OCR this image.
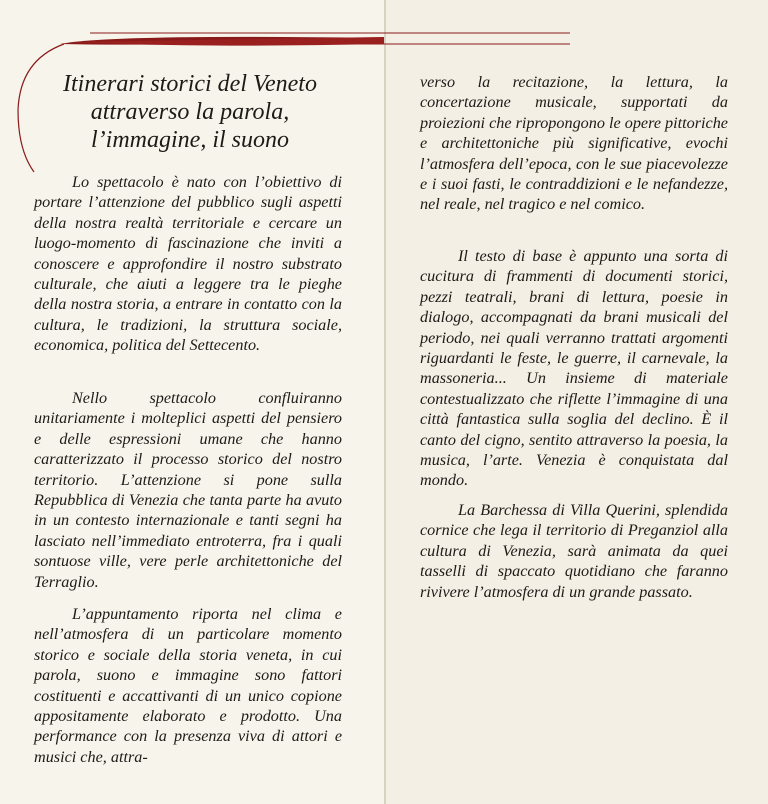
Itinerari storici del Veneto
attraverso la parola,
l’immagine, il suono

Lo spettacolo è nato con l’obiettivo di portare l’attenzione del pubblico sugli aspetti della nostra realtà territoriale e cercare un luogo-momento di fascinazione che inviti a conoscere e approfondire il nostro substrato culturale, che aiuti a leggere tra le pieghe della nostra storia, a entrare in contatto con la cultura, le tradizioni, la struttura sociale, economica, politica del Settecento.

Nello spettacolo confluiranno unitariamente i molteplici aspetti del pensiero e delle espressioni umane che hanno caratterizzato il processo storico del nostro territorio. L’attenzione si pone sulla Repubblica di Venezia che tanta parte ha avuto in un contesto internazionale e tanti segni ha lasciato nell’immediato entroterra, fra i quali sontuose ville, vere perle architettoniche del Terraglio.

L’appuntamento riporta nel clima e nell’atmosfera di un particolare momento storico e sociale della storia veneta, in cui parola, suono e immagine sono fattori costituenti e accattivanti di un unico copione appositamente elaborato e prodotto. Una performance con la presenza viva di attori e musici che, attra-

verso la recitazione, la lettura, la concertazione musicale, supportati da proiezioni che ripropongono le opere pittoriche e architettoniche più significative, evochi l’atmosfera dell’epoca, con le sue piacevolezze e i suoi fasti, le contraddizioni e le nefandezze, nel reale, nel tragico e nel comico.

Il testo di base è appunto una sorta di cucitura di frammenti di documenti storici, pezzi teatrali, brani di lettura, poesie in dialogo, accompagnati da brani musicali del periodo, nei quali verranno trattati argomenti riguardanti le feste, le guerre, il carnevale, la massoneria... Un insieme di materiale contestualizzato che riflette l’immagine di una città fantastica sulla soglia del declino. È il canto del cigno, sentito attraverso la poesia, la musica, l’arte. Venezia è conquistata dal mondo.

La Barchessa di Villa Querini, splendida cornice che lega il territorio di Preganziol alla cultura di Venezia, sarà animata da quei tasselli di spaccato quotidiano che faranno rivivere l’atmosfera di un grande passato.
